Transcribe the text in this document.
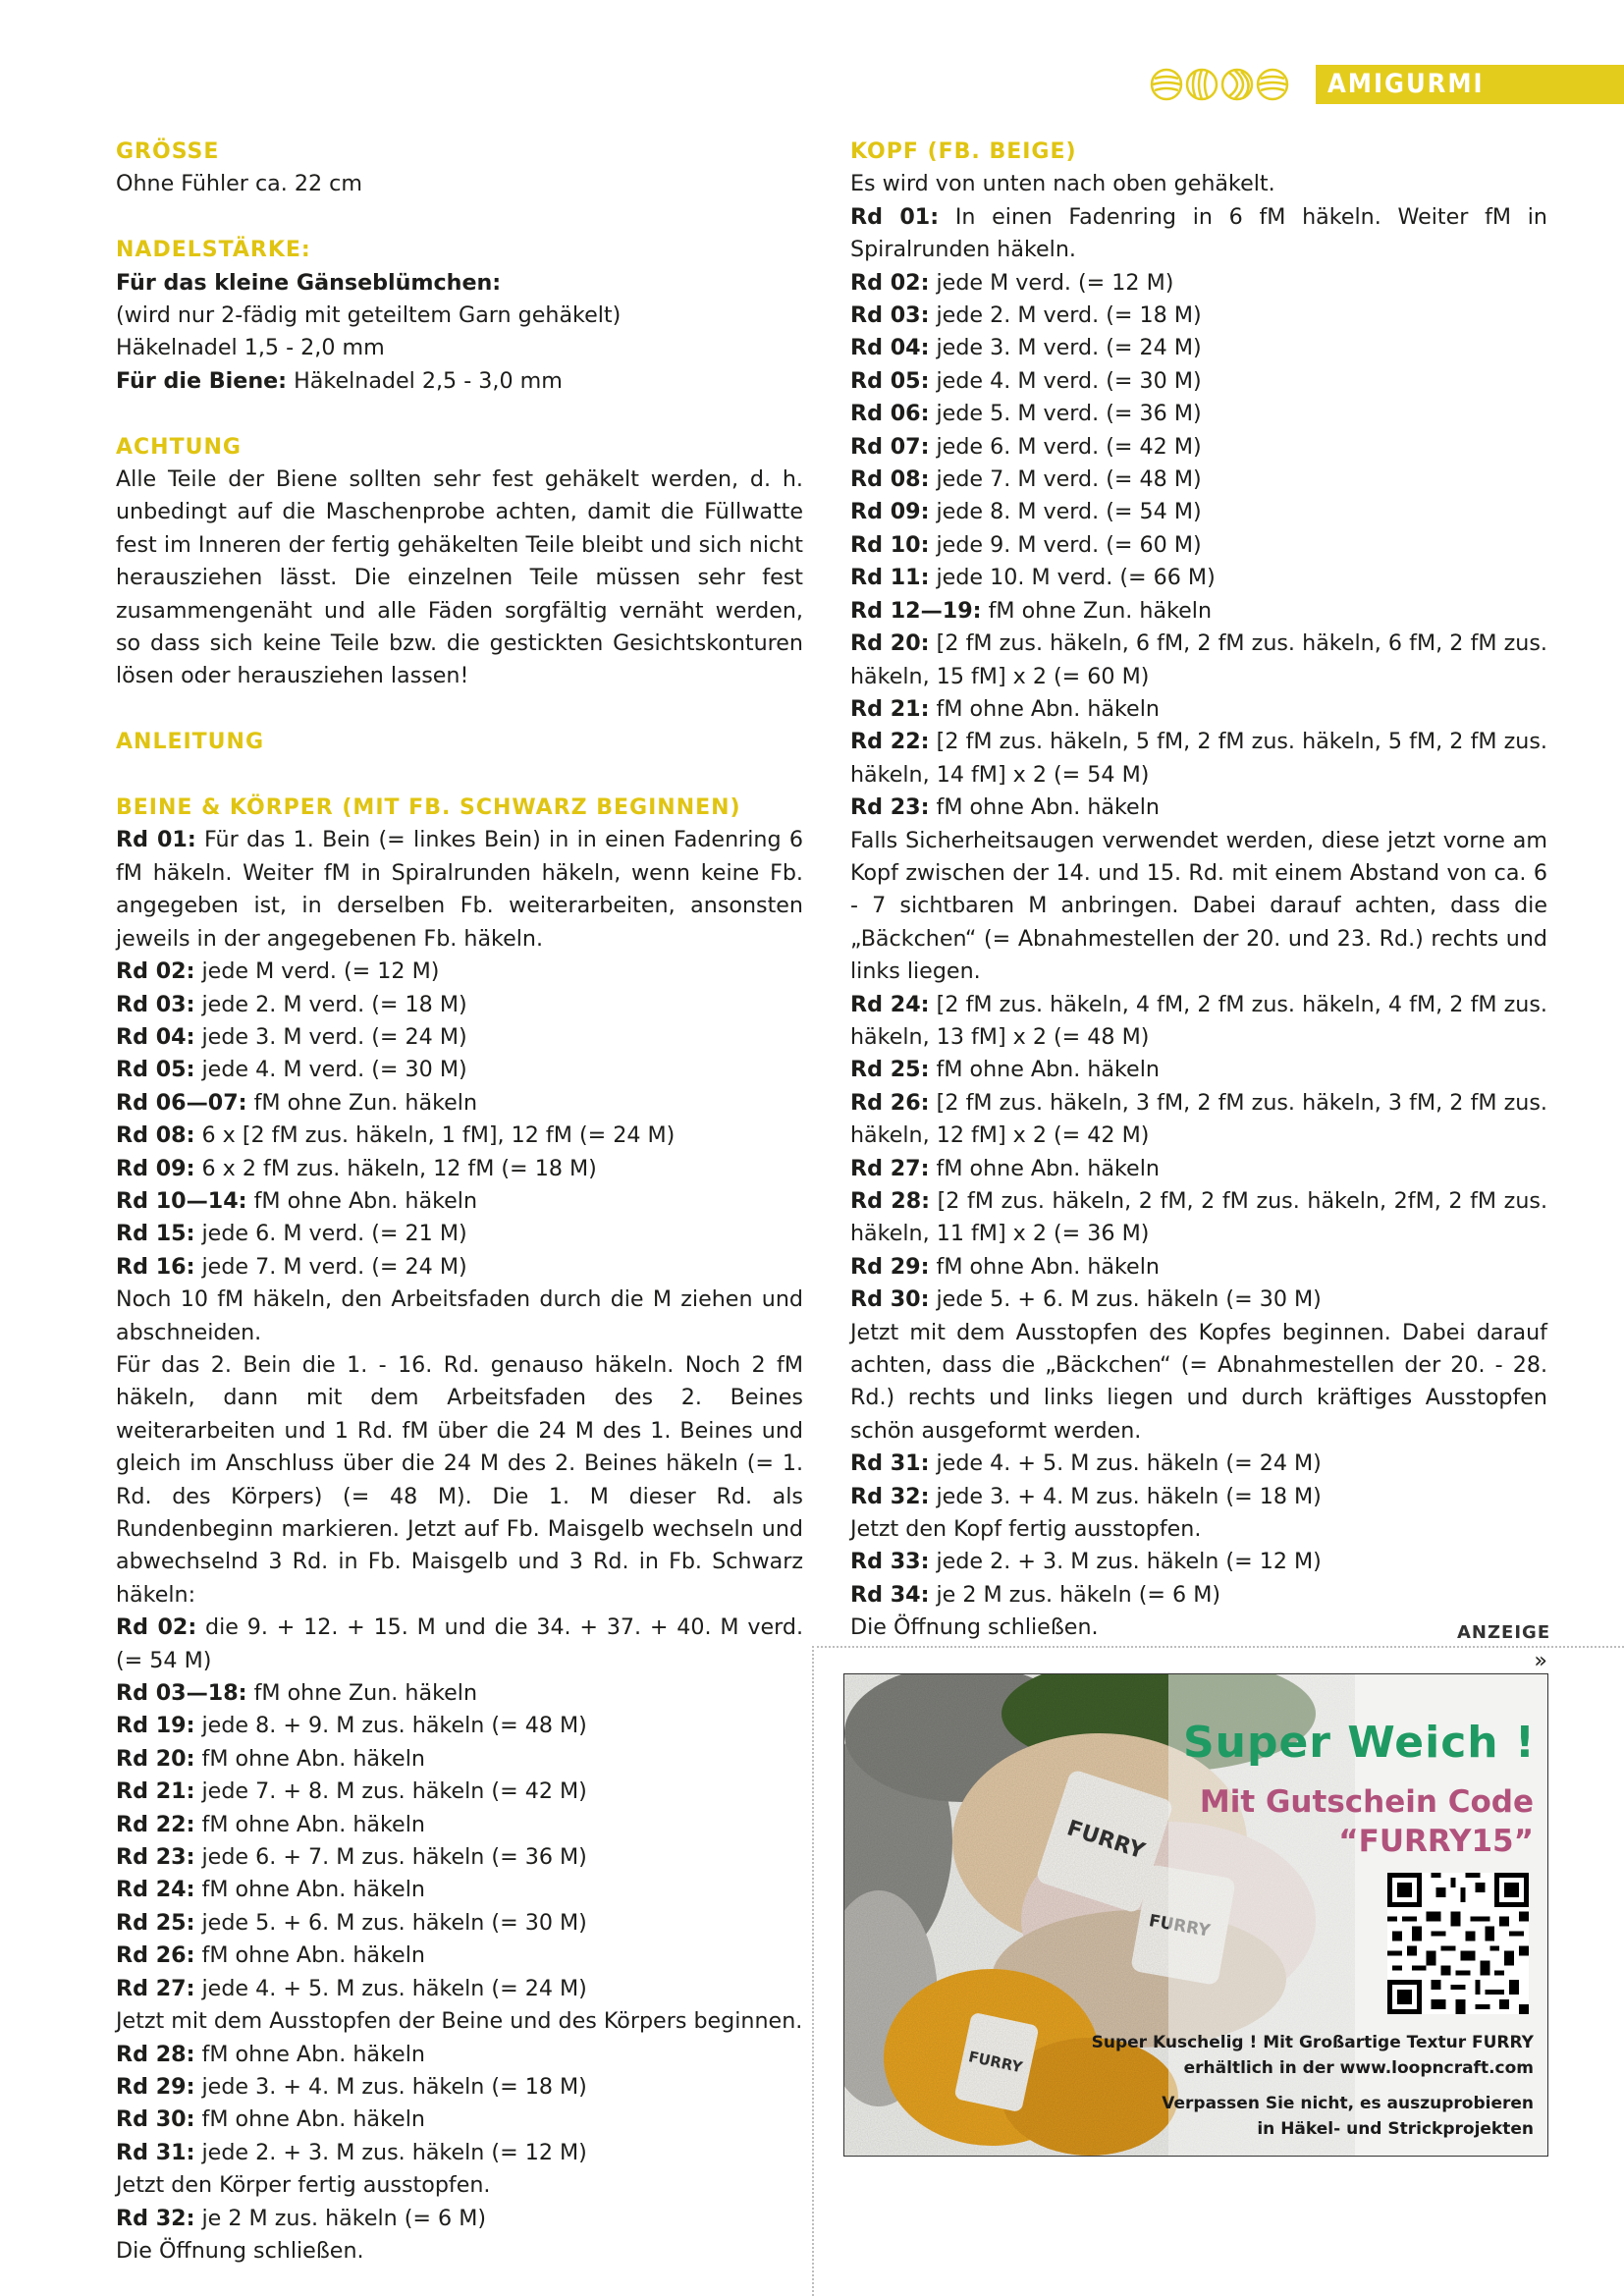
AMIGURMI

GRÖSSE

Ohne Fühler ca. 22 cm

NADELSTÄRKE:

Für das kleine Gänseblümchen:

(wird nur 2-fädig mit geteiltem Garn gehäkelt)

Häkelnadel 1,5 - 2,0 mm

Für die Biene: Häkelnadel 2,5 - 3,0 mm

ACHTUNG

Alle Teile der Biene sollten sehr fest gehäkelt werden, d. h. unbedingt auf die Maschenprobe achten, damit die Füllwatte fest im Inneren der fertig gehäkelten Teile bleibt und sich nicht herausziehen lässt. Die einzelnen Teile müssen sehr fest zusammengenäht und alle Fäden sorgfältig vernäht werden, so dass sich keine Teile bzw. die gestickten Gesichtskonturen lösen oder herausziehen lassen!

ANLEITUNG

BEINE & KÖRPER (MIT FB. SCHWARZ BEGINNEN)

Rd 01: Für das 1. Bein (= linkes Bein) in in einen Fadenring 6 fM häkeln. Weiter fM in Spiralrunden häkeln, wenn keine Fb. angegeben ist, in derselben Fb. weiterarbeiten, ansonsten jeweils in der angegebenen Fb. häkeln.

Rd 02: jede M verd. (= 12 M)

Rd 03: jede 2. M verd. (= 18 M)

Rd 04: jede 3. M verd. (= 24 M)

Rd 05: jede 4. M verd. (= 30 M)

Rd 06—07: fM ohne Zun. häkeln

Rd 08: 6 x [2 fM zus. häkeln, 1 fM], 12 fM (= 24 M)

Rd 09: 6 x 2 fM zus. häkeln, 12 fM (= 18 M)

Rd 10—14: fM ohne Abn. häkeln

Rd 15: jede 6. M verd. (= 21 M)

Rd 16: jede 7. M verd. (= 24 M)

Noch 10 fM häkeln, den Arbeitsfaden durch die M ziehen und abschneiden.

Für das 2. Bein die 1. - 16. Rd. genauso häkeln. Noch 2 fM häkeln, dann mit dem Arbeitsfaden des 2. Beines weiterarbeiten und 1 Rd. fM über die 24 M des 1. Beines und gleich im Anschluss über die 24 M des 2. Beines häkeln (= 1. Rd. des Körpers) (= 48 M). Die 1. M dieser Rd. als Rundenbeginn markieren. Jetzt auf Fb. Maisgelb wechseln und abwechselnd 3 Rd. in Fb. Maisgelb und 3 Rd. in Fb. Schwarz häkeln:

Rd 02: die 9. + 12. + 15. M und die 34. + 37. + 40. M verd. (= 54 M)

Rd 03—18: fM ohne Zun. häkeln

Rd 19: jede 8. + 9. M zus. häkeln (= 48 M)

Rd 20: fM ohne Abn. häkeln

Rd 21: jede 7. + 8. M zus. häkeln (= 42 M)

Rd 22: fM ohne Abn. häkeln

Rd 23: jede 6. + 7. M zus. häkeln (= 36 M)

Rd 24: fM ohne Abn. häkeln

Rd 25: jede 5. + 6. M zus. häkeln (= 30 M)

Rd 26: fM ohne Abn. häkeln

Rd 27: jede 4. + 5. M zus. häkeln (= 24 M)

Jetzt mit dem Ausstopfen der Beine und des Körpers beginnen.

Rd 28: fM ohne Abn. häkeln

Rd 29: jede 3. + 4. M zus. häkeln (= 18 M)

Rd 30: fM ohne Abn. häkeln

Rd 31: jede 2. + 3. M zus. häkeln (= 12 M)

Jetzt den Körper fertig ausstopfen.

Rd 32: je 2 M zus. häkeln (= 6 M)

Die Öffnung schließen.

KOPF (FB. BEIGE)

Es wird von unten nach oben gehäkelt.

Rd 01: In einen Fadenring in 6 fM häkeln. Weiter fM in Spiralrunden häkeln.

Rd 02: jede M verd. (= 12 M)

Rd 03: jede 2. M verd. (= 18 M)

Rd 04: jede 3. M verd. (= 24 M)

Rd 05: jede 4. M verd. (= 30 M)

Rd 06: jede 5. M verd. (= 36 M)

Rd 07: jede 6. M verd. (= 42 M)

Rd 08: jede 7. M verd. (= 48 M)

Rd 09: jede 8. M verd. (= 54 M)

Rd 10: jede 9. M verd. (= 60 M)

Rd 11: jede 10. M verd. (= 66 M)

Rd 12—19: fM ohne Zun. häkeln

Rd 20: [2 fM zus. häkeln, 6 fM, 2 fM zus. häkeln, 6 fM, 2 fM zus. häkeln, 15 fM] x 2 (= 60 M)

Rd 21: fM ohne Abn. häkeln

Rd 22: [2 fM zus. häkeln, 5 fM, 2 fM zus. häkeln, 5 fM, 2 fM zus. häkeln, 14 fM] x 2 (= 54 M)

Rd 23: fM ohne Abn. häkeln

Falls Sicherheitsaugen verwendet werden, diese jetzt vorne am Kopf zwischen der 14. und 15. Rd. mit einem Abstand von ca. 6 - 7 sichtbaren M anbringen. Dabei darauf achten, dass die „Bäckchen“ (= Abnahmestellen der 20. und 23. Rd.) rechts und links liegen.

Rd 24: [2 fM zus. häkeln, 4 fM, 2 fM zus. häkeln, 4 fM, 2 fM zus. häkeln, 13 fM] x 2 (= 48 M)

Rd 25: fM ohne Abn. häkeln

Rd 26: [2 fM zus. häkeln, 3 fM, 2 fM zus. häkeln, 3 fM, 2 fM zus. häkeln, 12 fM] x 2 (= 42 M)

Rd 27: fM ohne Abn. häkeln

Rd 28: [2 fM zus. häkeln, 2 fM, 2 fM zus. häkeln, 2fM, 2 fM zus. häkeln, 11 fM] x 2 (= 36 M)

Rd 29: fM ohne Abn. häkeln

Rd 30: jede 5. + 6. M zus. häkeln (= 30 M)

Jetzt mit dem Ausstopfen des Kopfes beginnen. Dabei darauf achten, dass die „Bäckchen“ (= Abnahmestellen der 20. - 28. Rd.) rechts und links liegen und durch kräftiges Ausstopfen schön ausgeformt werden.

Rd 31: jede 4. + 5. M zus. häkeln (= 24 M)

Rd 32: jede 3. + 4. M zus. häkeln (= 18 M)

Jetzt den Kopf fertig ausstopfen.

Rd 33: jede 2. + 3. M zus. häkeln (= 12 M)

Rd 34: je 2 M zus. häkeln (= 6 M)

Die Öffnung schließen.

»

ANZEIGE
Super Weich !
Mit Gutschein Code
“FURRY15”
Super Kuschelig ! Mit Großartige Textur FURRY
erhältlich in der www.loopncraft.com
Verpassen Sie nicht, es auszuprobieren
in Häkel- und Strickprojekten
